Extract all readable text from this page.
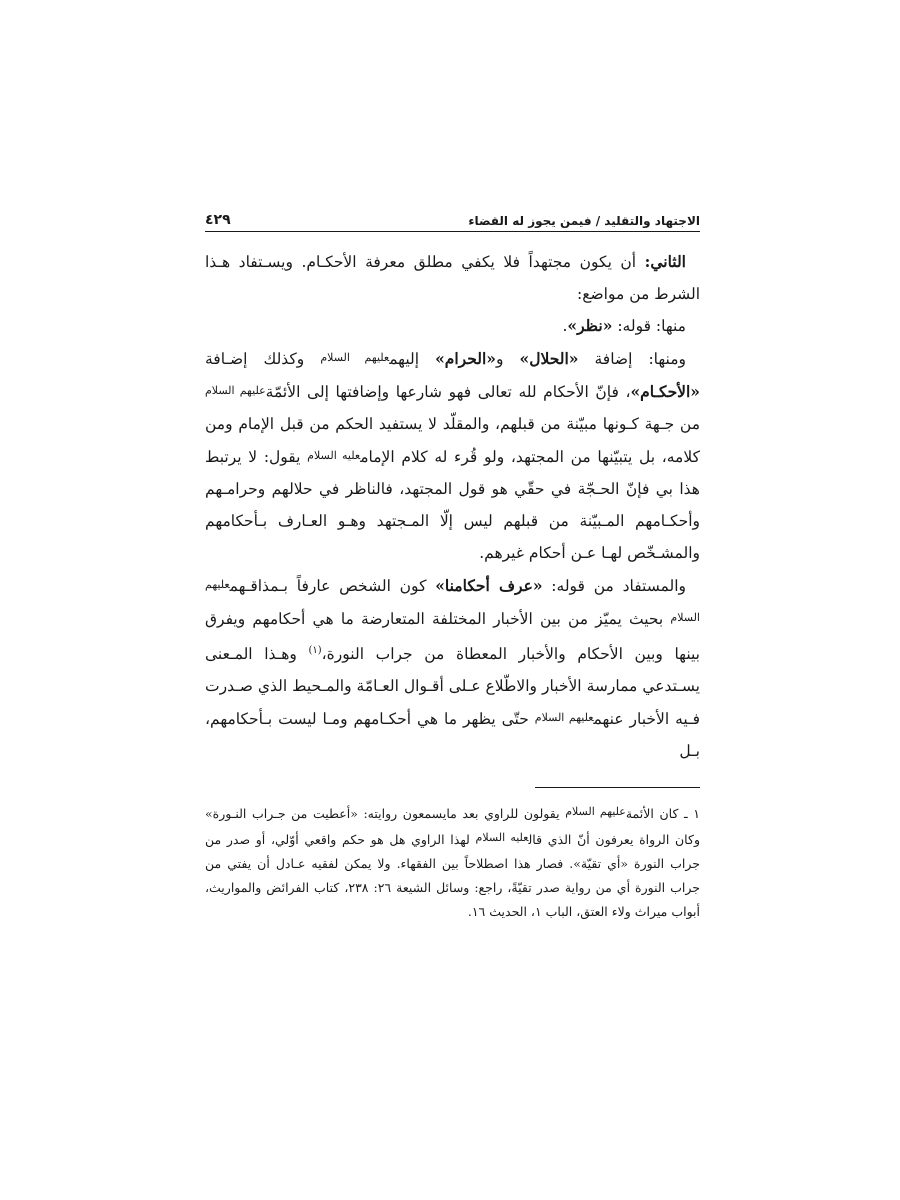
الاجتهاد والتقليد / فيمن يجوز له القضاء
٤٢٩

الثاني: أن يكون مجتهداً فلا يكفي مطلق معرفة الأحكـام. ويسـتفاد هـذا الشرط من مواضع:

منها: قوله: «نظر».

ومنها: إضافة «الحلال» و«الحرام» إليهمعليهم السلام وكذلك إضـافة «الأحكـام»، فإنّ الأحكام لله تعالى فهو شارعها وإضافتها إلى الأئمّةعليهم السلام من جـهة كـونها مبيّنة من قبلهم، والمقلّد لا يستفيد الحكم من قبل الإمام ومن كلامه، بل يتبيّنها من المجتهد، ولو قُرء له كلام الإمامعليه السلام يقول: لا يرتبط هذا بي فإنّ الحـجّة في حقّي هو قول المجتهد، فالناظر في حلالهم وحرامـهم وأحكـامهم المـبيّنة من قبلهم ليس إلّا المـجتهد وهـو العـارف بـأحكامهم والمشـخّص لهـا عـن أحكام غيرهم.

والمستفاد من قوله: «عرف أحكامنا» كون الشخص عارفاً بـمذاقـهمعليهم السلام بحيث يميّز من بين الأخبار المختلفة المتعارضة ما هي أحكامهم ويفرق بينها وبين الأحكام والأخبار المعطاة من جراب النورة،$^{(١)}$ وهـذا المـعنى يسـتدعي ممارسة الأخبار والاطّلاع عـلى أقـوال العـامّة والمـحيط الذي صـدرت فـيه الأخبار عنهمعليهم السلام حتّى يظهر ما هي أحكـامهم ومـا ليست بـأحكامهم، بـل

١ ـ كان الأئمةعليهم السلام يقولون للراوي بعد مايسمعون روايته: «أعطيت من جـراب النـورة» وكان الرواة يعرفون أنّ الذي قالعليه السلام لهذا الراوي هل هو حكم واقعي أوّلي، أو صدر من جراب النورة «أي تقيّة». فصار هذا اصطلاحاً بين الفقهاء. ولا يمكن لفقيه عـادل أن يفتي من جراب النورة أي من رواية صدر تقيّةً، راجع: وسائل الشيعة ٢٦: ٢٣٨، كتاب الفرائض والمواريث، أبواب ميراث ولاء العتق، الباب ١، الحديث ١٦.
